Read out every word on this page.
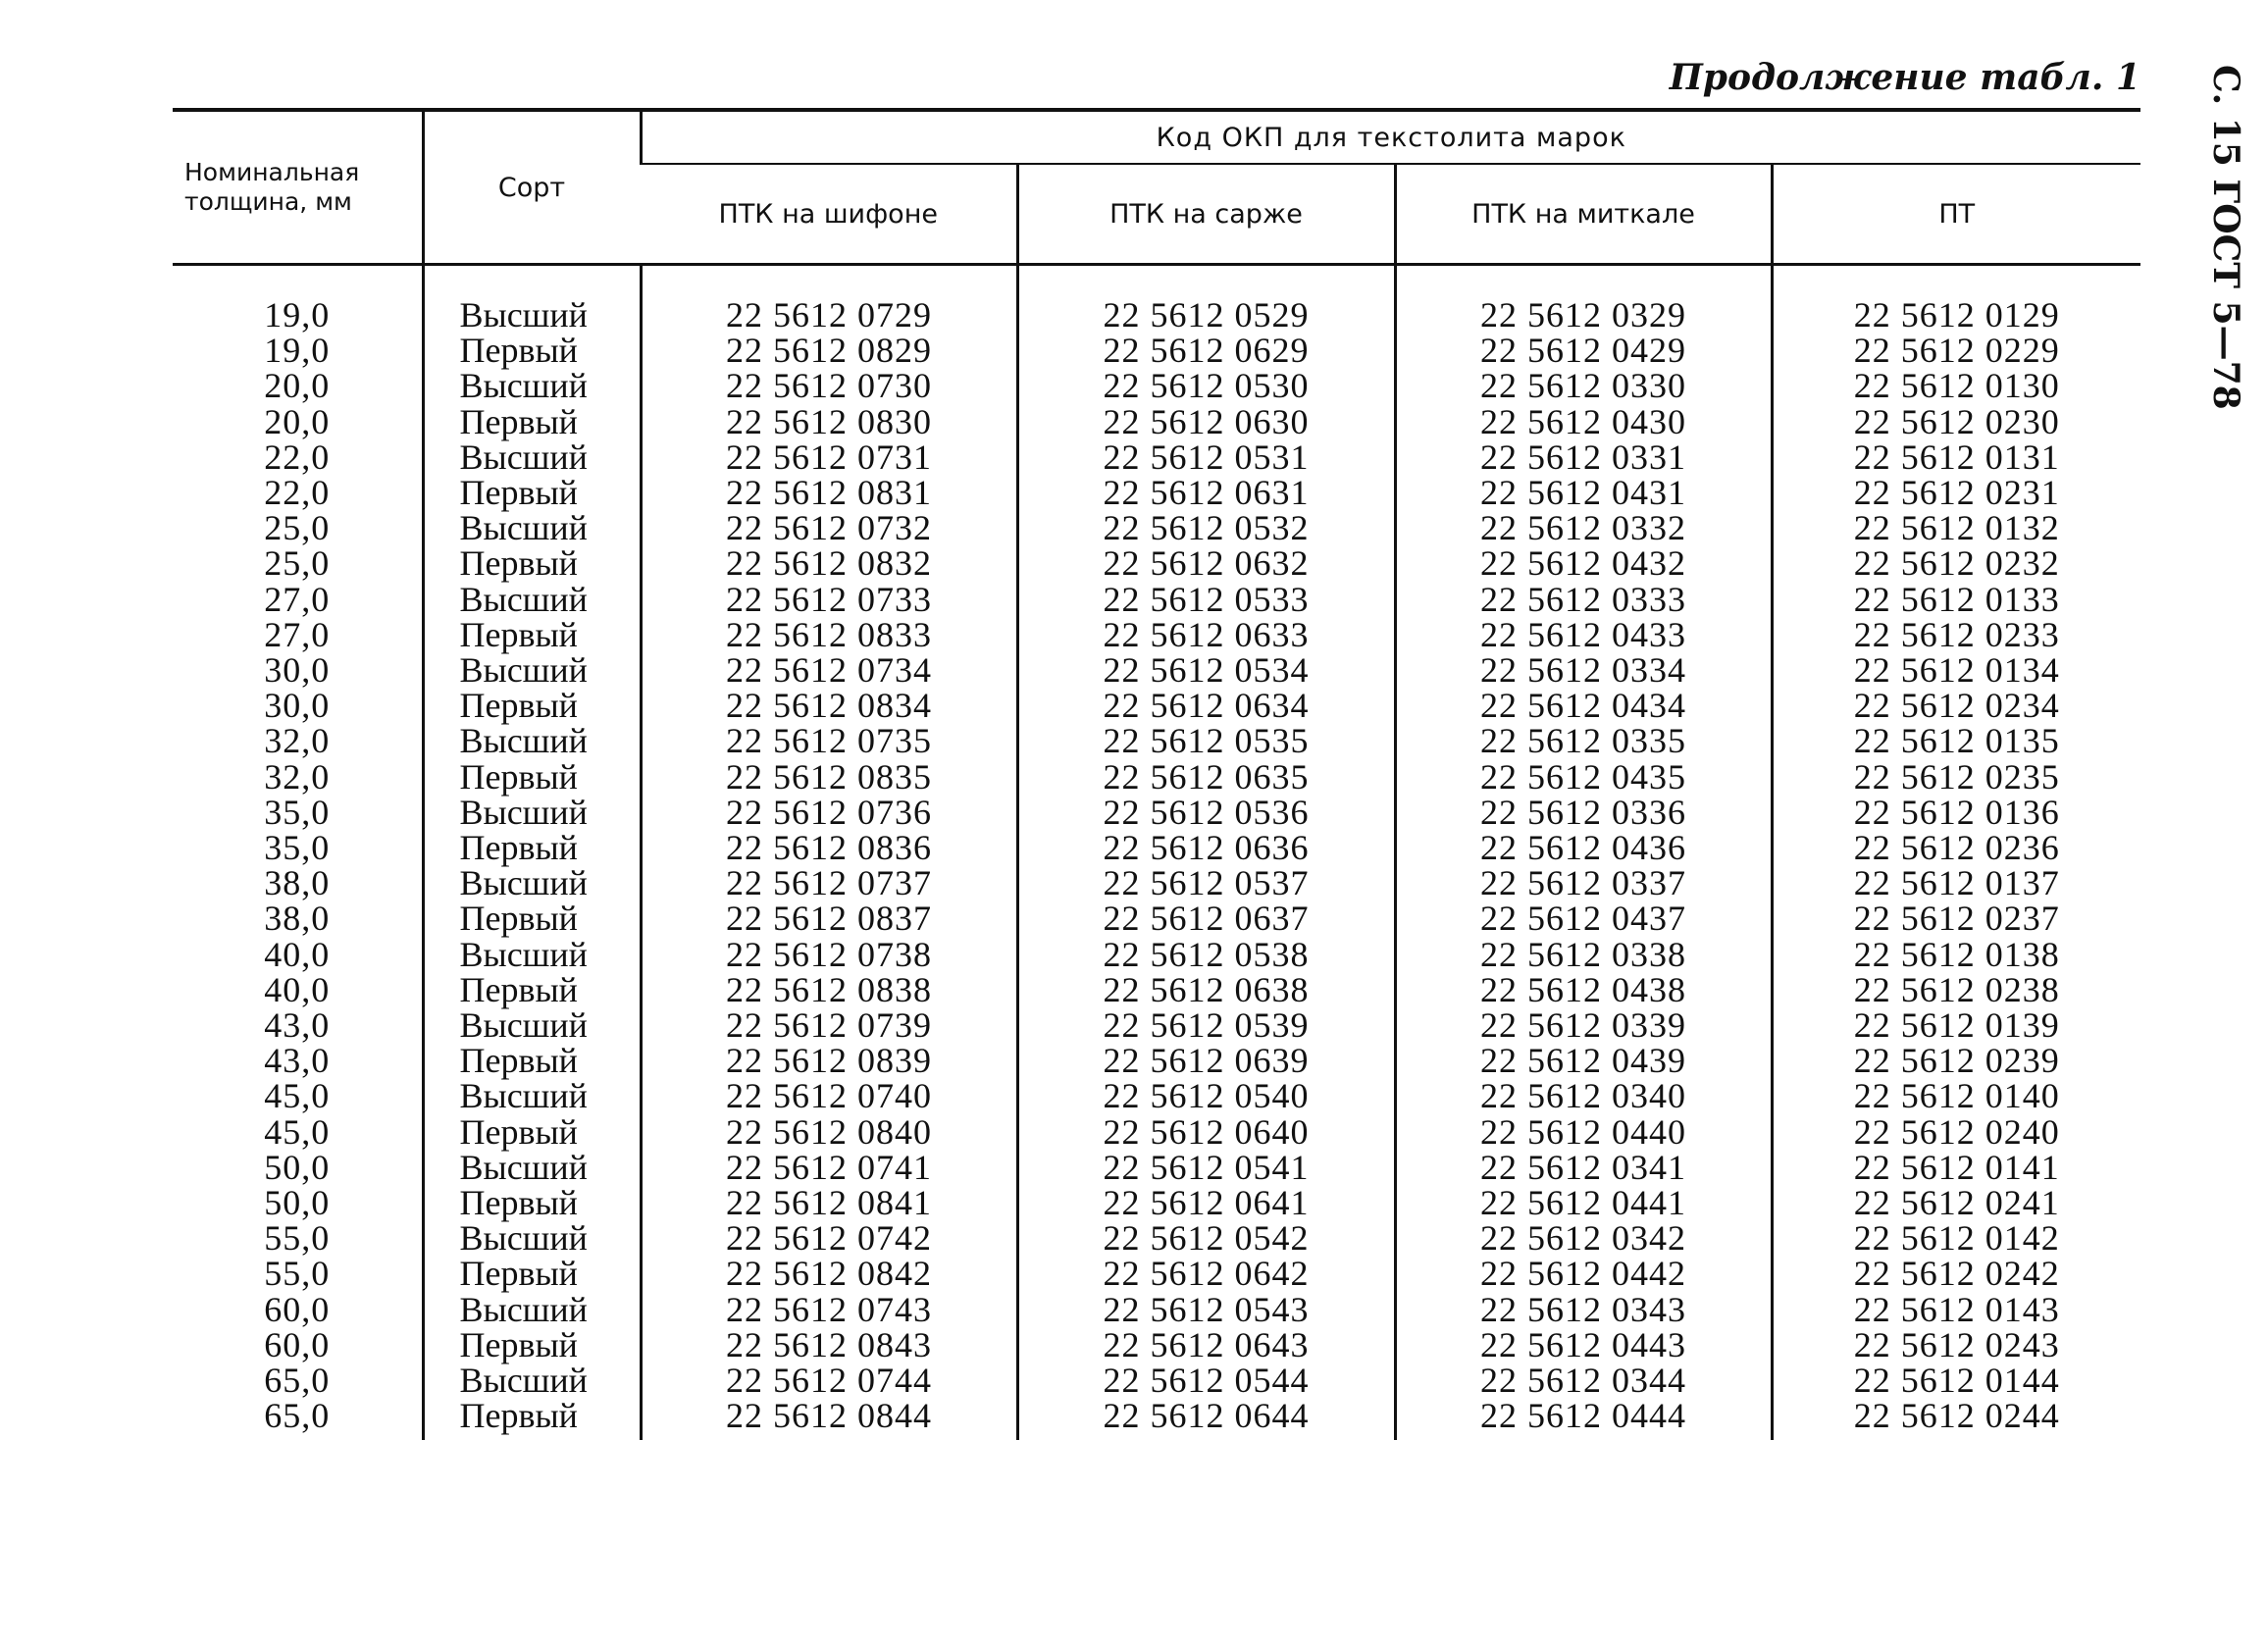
Продолжение табл. 1 С. 15 ГОСТ 5—78
Номинальная толщина, мм	Сорт	Код ОКП для текстолита марок			
		ПТК на шифоне	ПТК на сарже	ПТК на миткале	ПТ

19,0	Высший	22 5612 0729	22 5612 0529	22 5612 0329	22 5612 0129
19,0	Первый	22 5612 0829	22 5612 0629	22 5612 0429	22 5612 0229
20,0	Высший	22 5612 0730	22 5612 0530	22 5612 0330	22 5612 0130
20,0	Первый	22 5612 0830	22 5612 0630	22 5612 0430	22 5612 0230
22,0	Высший	22 5612 0731	22 5612 0531	22 5612 0331	22 5612 0131
22,0	Первый	22 5612 0831	22 5612 0631	22 5612 0431	22 5612 0231
25,0	Высший	22 5612 0732	22 5612 0532	22 5612 0332	22 5612 0132
25,0	Первый	22 5612 0832	22 5612 0632	22 5612 0432	22 5612 0232
27,0	Высший	22 5612 0733	22 5612 0533	22 5612 0333	22 5612 0133
27,0	Первый	22 5612 0833	22 5612 0633	22 5612 0433	22 5612 0233
30,0	Высший	22 5612 0734	22 5612 0534	22 5612 0334	22 5612 0134
30,0	Первый	22 5612 0834	22 5612 0634	22 5612 0434	22 5612 0234
32,0	Высший	22 5612 0735	22 5612 0535	22 5612 0335	22 5612 0135
32,0	Первый	22 5612 0835	22 5612 0635	22 5612 0435	22 5612 0235
35,0	Высший	22 5612 0736	22 5612 0536	22 5612 0336	22 5612 0136
35,0	Первый	22 5612 0836	22 5612 0636	22 5612 0436	22 5612 0236
38,0	Высший	22 5612 0737	22 5612 0537	22 5612 0337	22 5612 0137
38,0	Первый	22 5612 0837	22 5612 0637	22 5612 0437	22 5612 0237
40,0	Высший	22 5612 0738	22 5612 0538	22 5612 0338	22 5612 0138
40,0	Первый	22 5612 0838	22 5612 0638	22 5612 0438	22 5612 0238
43,0	Высший	22 5612 0739	22 5612 0539	22 5612 0339	22 5612 0139
43,0	Первый	22 5612 0839	22 5612 0639	22 5612 0439	22 5612 0239
45,0	Высший	22 5612 0740	22 5612 0540	22 5612 0340	22 5612 0140
45,0	Первый	22 5612 0840	22 5612 0640	22 5612 0440	22 5612 0240
50,0	Высший	22 5612 0741	22 5612 0541	22 5612 0341	22 5612 0141
50,0	Первый	22 5612 0841	22 5612 0641	22 5612 0441	22 5612 0241
55,0	Высший	22 5612 0742	22 5612 0542	22 5612 0342	22 5612 0142
55,0	Первый	22 5612 0842	22 5612 0642	22 5612 0442	22 5612 0242
60,0	Высший	22 5612 0743	22 5612 0543	22 5612 0343	22 5612 0143
60,0	Первый	22 5612 0843	22 5612 0643	22 5612 0443	22 5612 0243
65,0	Высший	22 5612 0744	22 5612 0544	22 5612 0344	22 5612 0144
65,0	Первый	22 5612 0844	22 5612 0644	22 5612 0444	22 5612 0244
